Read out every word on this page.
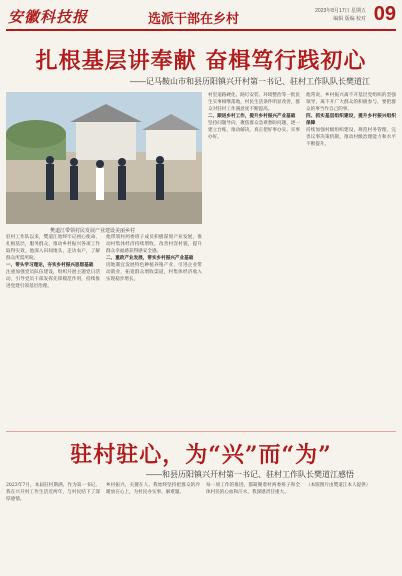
安徽科技报	选派干部在乡村
2023年8月17日 星期五
编辑 版编 校对 09
扎根基层讲奉献 奋楫笃行践初心
——记马鞍山市和县历阳镇兴开村第一书记、驻村工作队队长樊道江
樊道江带领村民发展产业建设美丽乡村
驻村工作队以来，樊道江始终牢记初心使命，扎根基层，服务群众，推动乡村振兴各项工作取得实效。他深入田间地头，走访农户，了解群众所需所盼。
一、带头学习理论，夯实乡村振兴思想基础
注重加强党员队伍建设，组织开展主题党日活动，引导党员干部发挥先锋模范作用，持续推进党建引领基层治理。
他带领村两委班子成员积极谋划产业发展，推动村集体经济持续增收，改善村容村貌，提升群众幸福感获得感安全感。
二、重政产业发展，带实乡村振兴产业基础
因地制宜发展特色种植养殖产业，引进企业带动就业，拓宽群众增收渠道，村集体经济收入实现稳步增长。
村里道路硬化、路灯安装、环境整治等一批民生实事相继落地，村民生活条件明显改善，群众对驻村工作满意度不断提高。
二、跟进乡村工作，提升乡村振兴产业基础
坚持问题导向，聚焦群众急难愁盼问题，逐一建立台账，推动解决，真正把好事办实、实事办好。
他常说，乡村振兴离不开基层党组织的坚强领导，离不开广大群众的积极参与，要把群众的事当作自己的事。
四、抓实基层组织建设，提升乡村振兴组织保障
持续加强村级组织建设，规范村务管理，完善议事决策机制，推动村级治理能力和水平不断提升。
驻村驻心，为“兴”而“为”
——和县历阳镇兴开村第一书记、驻村工作队长樊道江感悟
2023年7月，本届驻村期满，作为第一书记，我在兴开村工作生活近两年，与村民结下了深厚感情。
乡村振兴，关键在人。我始终坚持把群众的冷暖放在心上，为村民办实事、解难题。
每一项工作的推进，都凝聚着村两委班子和全体村民的心血和汗水，我深感责任重大。
（本版图片由樊道江本人提供）
